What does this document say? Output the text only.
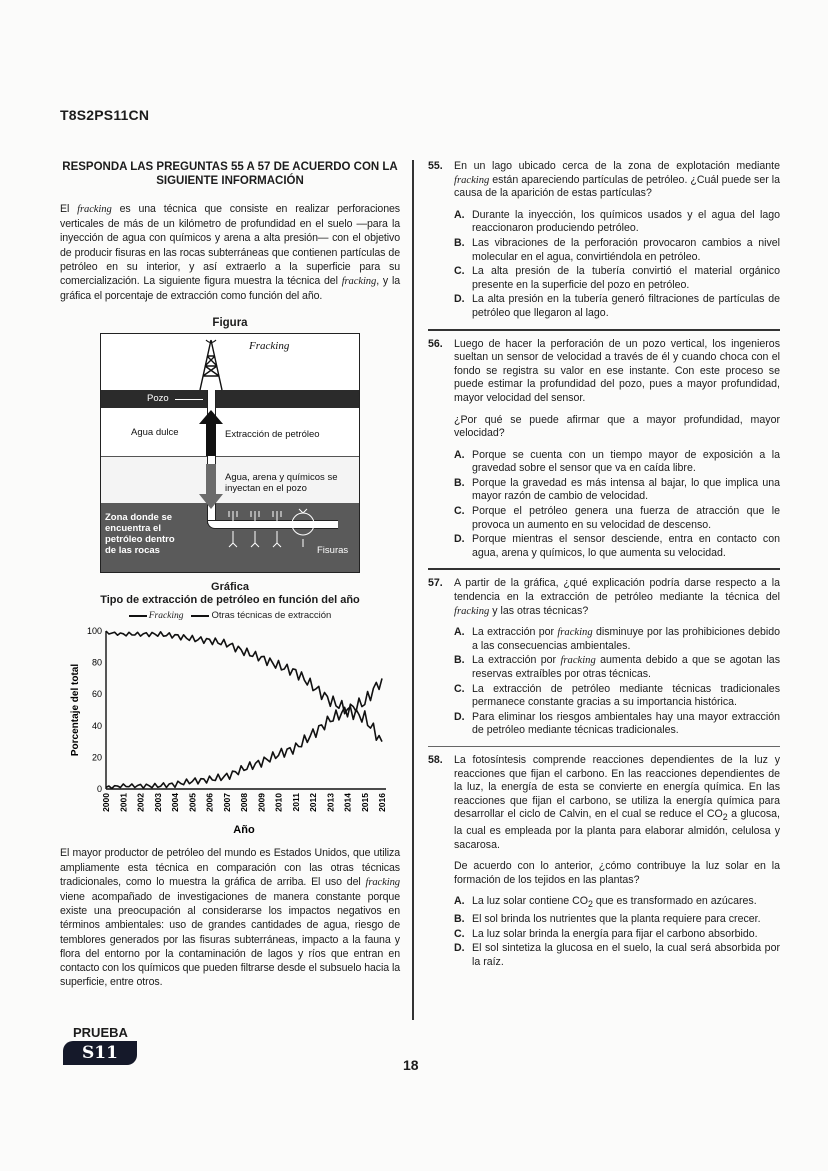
T8S2PS11CN
RESPONDA LAS PREGUNTAS 55 A 57 DE ACUERDO CON LA SIGUIENTE INFORMACIÓN

El fracking es una técnica que consiste en realizar perforaciones verticales de más de un kilómetro de profundidad en el suelo —para la inyección de agua con químicos y arena a alta presión— con el objetivo de producir fisuras en las rocas subterráneas que contienen partículas de petróleo en su interior, y así extraerlo a la superficie para su comercialización. La siguiente figura muestra la técnica del fracking, y la gráfica el porcentaje de extracción como función del año.

Figura
Fracking
Pozo
Agua dulce	Extracción de petróleo
Agua, arena y químicos se inyectan en el pozo
Zona donde se encuentra el petróleo dentro de las rocas	Fisuras
Gráfica
Tipo de extracción de petróleo en función del año
Fracking	Otras técnicas de extracción
0
20
40
60
80
100
2000 2001 2002 2003 2004 2005 2006 2007 2008 2009 2010 2011 2012 2013 2014 2015 2016
Porcentaje del total
Año

El mayor productor de petróleo del mundo es Estados Unidos, que utiliza ampliamente esta técnica en comparación con las otras técnicas tradicionales, como lo muestra la gráfica de arriba. El uso del fracking viene acompañado de investigaciones de manera constante porque existe una preocupación al considerarse los impactos negativos en términos ambientales: uso de grandes cantidades de agua, riesgo de temblores generados por las fisuras subterráneas, impacto a la fauna y flora del entorno por la contaminación de lagos y ríos que entran en contacto con los químicos que pueden filtrarse desde el subsuelo hacia la superficie, entre otros.

55. En un lago ubicado cerca de la zona de explotación mediante fracking están apareciendo partículas de petróleo. ¿Cuál puede ser la causa de la aparición de estas partículas?

A. Durante la inyección, los químicos usados y el agua del lago reaccionaron produciendo petróleo.
B. Las vibraciones de la perforación provocaron cambios a nivel molecular en el agua, convirtiéndola en petróleo.
C. La alta presión de la tubería convirtió el material orgánico presente en la superficie del pozo en petróleo.
D. La alta presión en la tubería generó filtraciones de partículas de petróleo que llegaron al lago.
56. Luego de hacer la perforación de un pozo vertical, los ingenieros sueltan un sensor de velocidad a través de él y cuando choca con el fondo se registra su valor en ese instante. Con este proceso se puede estimar la profundidad del pozo, pues a mayor profundidad, mayor velocidad del sensor.

¿Por qué se puede afirmar que a mayor profundidad, mayor velocidad?

A. Porque se cuenta con un tiempo mayor de exposición a la gravedad sobre el sensor que va en caída libre.
B. Porque la gravedad es más intensa al bajar, lo que implica una mayor razón de cambio de velocidad.
C. Porque el petróleo genera una fuerza de atracción que le provoca un aumento en su velocidad de descenso.
D. Porque mientras el sensor desciende, entra en contacto con agua, arena y químicos, lo que aumenta su velocidad.
57. A partir de la gráfica, ¿qué explicación podría darse respecto a la tendencia en la extracción de petróleo mediante la técnica del fracking y las otras técnicas?

A. La extracción por fracking disminuye por las prohibiciones debido a las consecuencias ambientales.
B. La extracción por fracking aumenta debido a que se agotan las reservas extraíbles por otras técnicas.
C. La extracción de petróleo mediante técnicas tradicionales permanece constante gracias a su importancia histórica.
D. Para eliminar los riesgos ambientales hay una mayor extracción de petróleo mediante técnicas tradicionales.
58. La fotosíntesis comprende reacciones dependientes de la luz y reacciones que fijan el carbono. En las reacciones dependientes de la luz, la energía de esta se convierte en energía química. En las reacciones que fijan el carbono, se utiliza la energía química para desarrollar el ciclo de Calvin, en el cual se reduce el $CO_2$ a glucosa, la cual es empleada por la planta para elaborar almidón, celulosa y sacarosa.

De acuerdo con lo anterior, ¿cómo contribuye la luz solar en la formación de los tejidos en las plantas?

A. La luz solar contiene $CO_2$ que es transformado en azúcares.
B. El sol brinda los nutrientes que la planta requiere para crecer.
C. La luz solar brinda la energía para fijar el carbono absorbido.
D. El sol sintetiza la glucosa en el suelo, la cual será absorbida por la raíz.
PRUEBA
S11
18
